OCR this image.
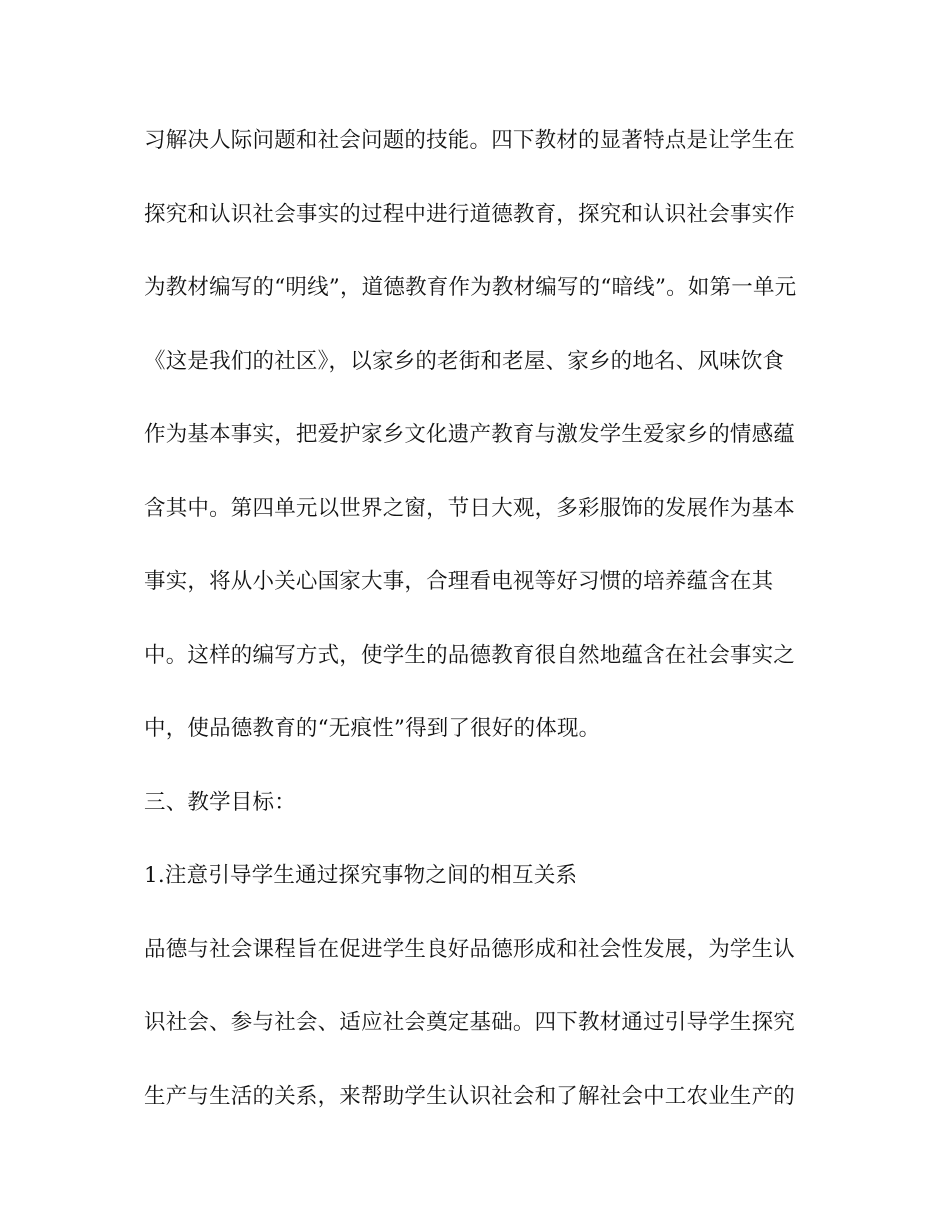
习解决人际问题和社会问题的技能。四下教材的显著特点是让学生在
探究和认识社会事实的过程中进行道德教育，探究和认识社会事实作
为教材编写的“明线”，道德教育作为教材编写的“暗线”。如第一单元
《这是我们的社区》，以家乡的老街和老屋、家乡的地名、风味饮食
作为基本事实，把爱护家乡文化遗产教育与激发学生爱家乡的情感蕴
含其中。第四单元以世界之窗，节日大观，多彩服饰的发展作为基本
事实，将从小关心国家大事，合理看电视等好习惯的培养蕴含在其
中。这样的编写方式，使学生的品德教育很自然地蕴含在社会事实之
中，使品德教育的“无痕性”得到了很好的体现。
三、教学目标：
1.注意引导学生通过探究事物之间的相互关系
品德与社会课程旨在促进学生良好品德形成和社会性发展，为学生认
识社会、参与社会、适应社会奠定基础。四下教材通过引导学生探究
生产与生活的关系，来帮助学生认识社会和了解社会中工农业生产的
